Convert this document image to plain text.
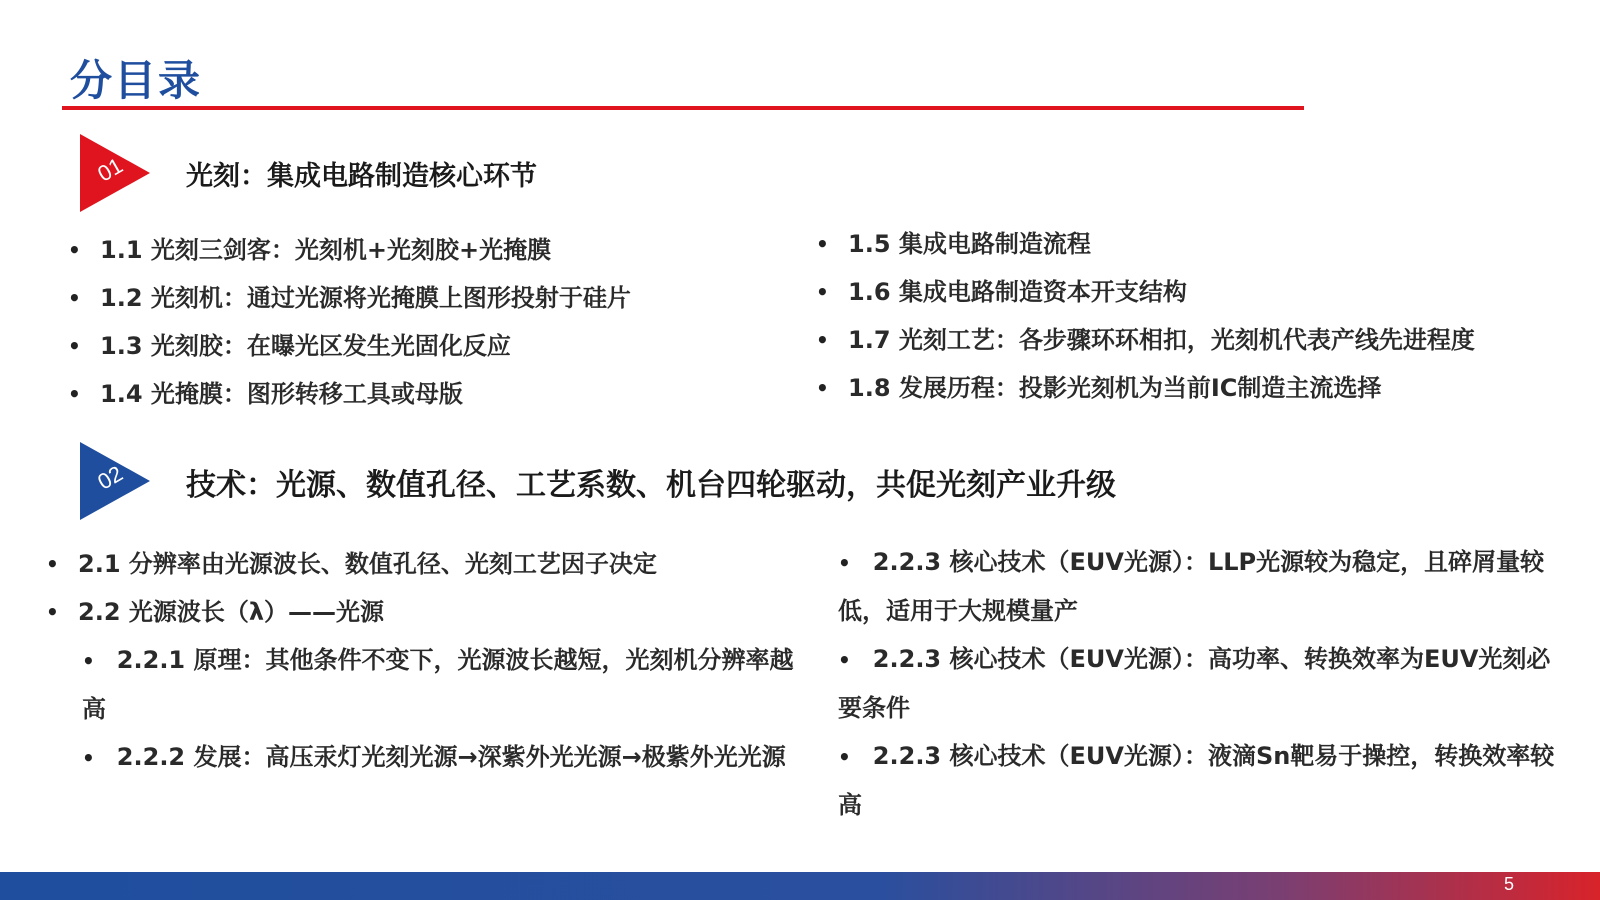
分目录
01 光刻：集成电路制造核心环节
• 1.1 光刻三剑客：光刻机+光刻胶+光掩膜
• 1.2 光刻机：通过光源将光掩膜上图形投射于硅片
• 1.3 光刻胶：在曝光区发生光固化反应
• 1.4 光掩膜：图形转移工具或母版
• 1.5 集成电路制造流程
• 1.6 集成电路制造资本开支结构
• 1.7 光刻工艺：各步骤环环相扣，光刻机代表产线先进程度
• 1.8 发展历程：投影光刻机为当前IC制造主流选择
02 技术：光源、数值孔径、工艺系数、机台四轮驱动，共促光刻产业升级
• 2.1 分辨率由光源波长、数值孔径、光刻工艺因子决定
• 2.2 光源波长（λ）——光源
• 2.2.1 原理：其他条件不变下，光源波长越短，光刻机分辨率越高
• 2.2.2 发展：高压汞灯光刻光源→深紫外光光源→极紫外光光源
• 2.2.3 核心技术（EUV光源）：LLP光源较为稳定，且碎屑量较低，适用于大规模量产
• 2.2.3 核心技术（EUV光源）：高功率、转换效率为EUV光刻必要条件
• 2.2.3 核心技术（EUV光源）：液滴Sn靶易于操控，转换效率较高
5
